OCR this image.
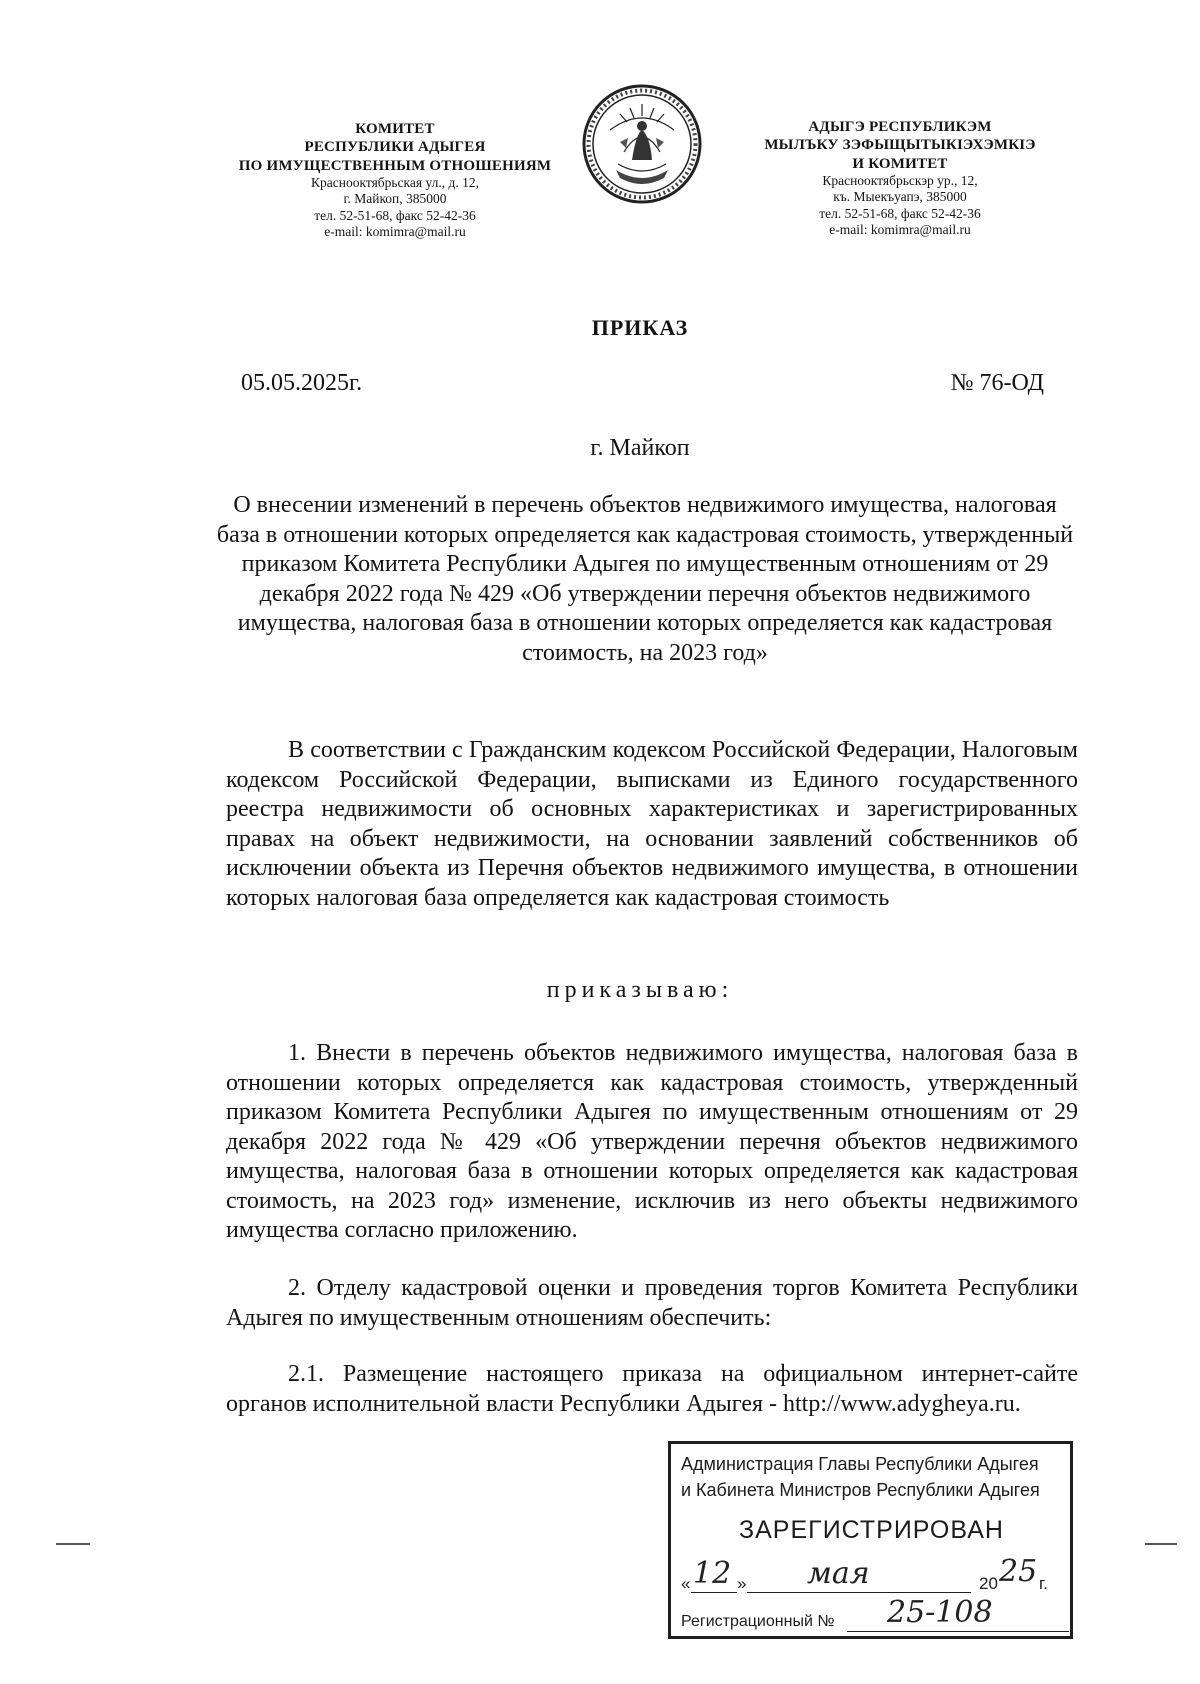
КОМИТЕТ
РЕСПУБЛИКИ АДЫГЕЯ
ПО ИМУЩЕСТВЕННЫМ ОТНОШЕНИЯМ
Краснооктябрьская ул., д. 12,
г. Майкоп, 385000
тел. 52-51-68, факс 52-42-36
e-mail: komimra@mail.ru
АДЫГЭ РЕСПУБЛИКЭМ
МЫЛЪКУ ЗЭФЫЩЫТЫКIЭХЭМКIЭ
И КОМИТЕТ
Краснооктябрьскэр ур., 12,
къ. Мыекъуапэ, 385000
тел. 52-51-68, факс 52-42-36
e-mail: komimra@mail.ru
ПРИКАЗ
05.05.2025г.	№ 76-ОД
г. Майкоп
О внесении изменений в перечень объектов недвижимого имущества, налоговая база в отношении которых определяется как кадастровая стоимость, утвержденный приказом Комитета Республики Адыгея по имущественным отношениям от 29 декабря 2022 года № 429 «Об утверждении перечня объектов недвижимого имущества, налоговая база в отношении которых определяется как кадастровая стоимость, на 2023 год»
В соответствии с Гражданским кодексом Российской Федерации, Налоговым кодексом Российской Федерации, выписками из Единого государственного реестра недвижимости об основных характеристиках и зарегистрированных правах на объект недвижимости, на основании заявлений собственников об исключении объекта из Перечня объектов недвижимого имущества, в отношении которых налоговая база определяется как кадастровая стоимость
приказываю:
1. Внести в перечень объектов недвижимого имущества, налоговая база в отношении которых определяется как кадастровая стоимость, утвержденный приказом Комитета Республики Адыгея по имущественным отношениям от 29 декабря 2022 года № 429 «Об утверждении перечня объектов недвижимого имущества, налоговая база в отношении которых определяется как кадастровая стоимость, на 2023 год» изменение, исключив из него объекты недвижимого имущества согласно приложению.
2. Отделу кадастровой оценки и проведения торгов Комитета Республики Адыгея по имущественным отношениям обеспечить:
2.1. Размещение настоящего приказа на официальном интернет-сайте органов исполнительной власти Республики Адыгея - http://www.adygheya.ru.
Администрация Главы Республики Адыгея
и Кабинета Министров Республики Адыгея
ЗАРЕГИСТРИРОВАН
« 12 » мая	20 25 г.
Регистрационный № 25-108
